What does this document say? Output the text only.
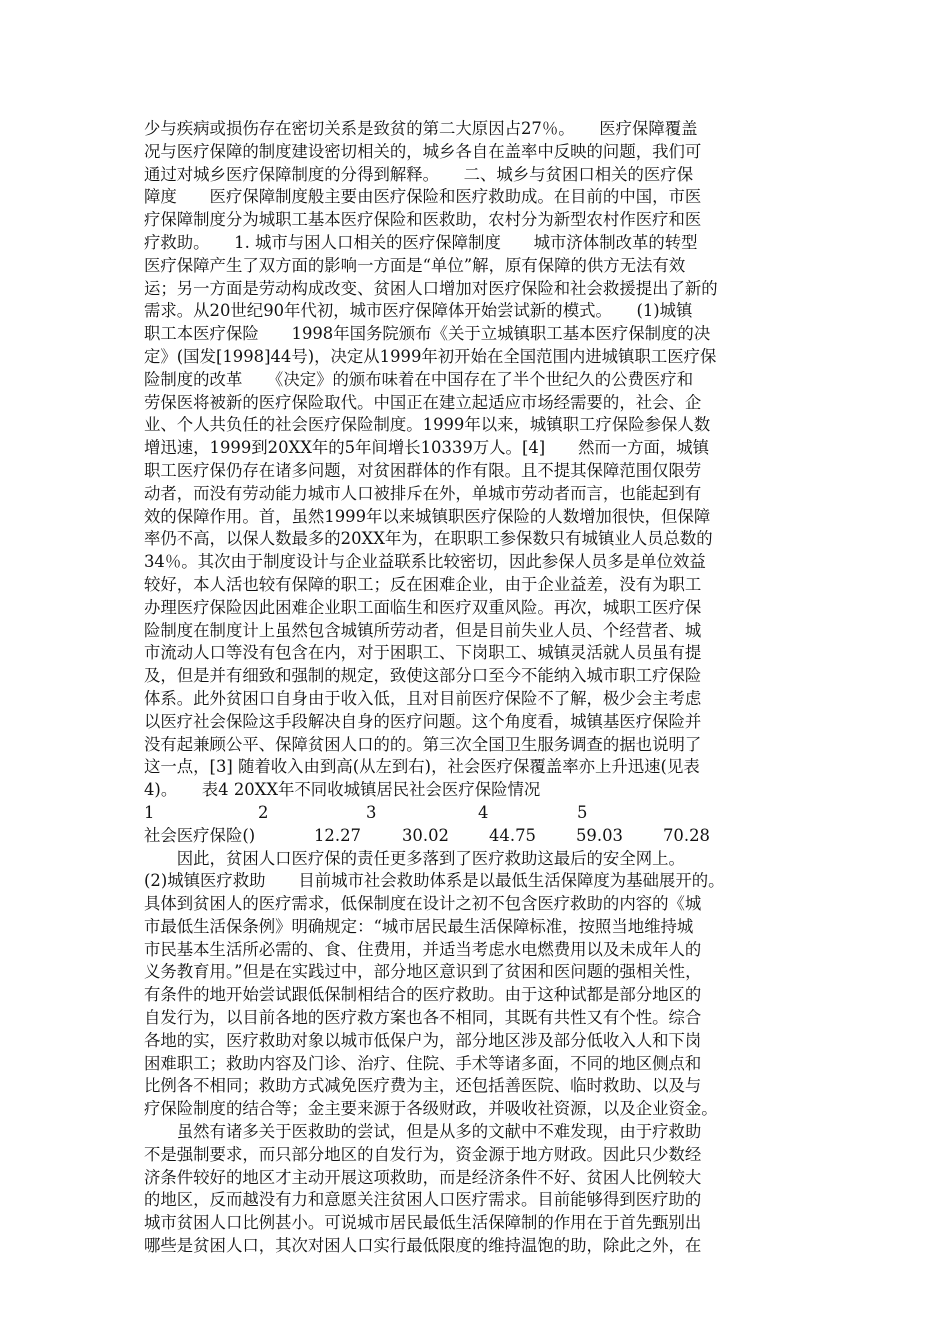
少与疾病或损伤存在密切关系是致贫的第二大原因占27％。　　医疗保障覆盖
况与医疗保障的制度建设密切相关的，城乡各自在盖率中反映的问题，我们可
通过对城乡医疗保障制度的分得到解释。　　二、城乡与贫困口相关的医疗保
障度　　医疗保障制度般主要由医疗保险和医疗救助成。在目前的中国，市医
疗保障制度分为城职工基本医疗保险和医救助，农村分为新型农村作医疗和医
疗救助。　　1. 城市与困人口相关的医疗保障制度　　城市济体制改革的转型
医疗保障产生了双方面的影响一方面是“单位”解，原有保障的供方无法有效
运；另一方面是劳动构成改变、贫困人口增加对医疗保险和社会救援提出了新的
需求。从20世纪90年代初，城市医疗保障体开始尝试新的模式。　　(1)城镇
职工本医疗保险　　1998年国务院颁布《关于立城镇职工基本医疗保制度的决
定》(国发[1998]44号)，决定从1999年初开始在全国范围内进城镇职工医疗保
险制度的改革　　《决定》的颁布味着在中国存在了半个世纪久的公费医疗和
劳保医将被新的医疗保险取代。中国正在建立起适应市场经需要的，社会、企
业、个人共负任的社会医疗保险制度。1999年以来，城镇职工疗保险参保人数
增迅速，1999到20XX年的5年间增长10339万人。[4]　　然而一方面，城镇
职工医疗保仍存在诸多问题，对贫困群体的作有限。且不提其保障范围仅限劳
动者，而没有劳动能力城市人口被排斥在外，单城市劳动者而言，也能起到有
效的保障作用。首，虽然1999年以来城镇职医疗保险的人数增加很快，但保障
率仍不高，以保人数最多的20XX年为，在职职工参保数只有城镇业人员总数的
34％。其次由于制度设计与企业益联系比较密切，因此参保人员多是单位效益
较好，本人活也较有保障的职工；反在困难企业，由于企业益差，没有为职工
办理医疗保险因此困难企业职工面临生和医疗双重风险。再次，城职工医疗保
险制度在制度计上虽然包含城镇所劳动者，但是目前失业人员、个经营者、城
市流动人口等没有包含在内，对于困职工、下岗职工、城镇灵活就人员虽有提
及，但是并有细致和强制的规定，致使这部分口至今不能纳入城市职工疗保险
体系。此外贫困口自身由于收入低，且对目前医疗保险不了解，极少会主考虑
以医疗社会保险这手段解决自身的医疗问题。这个角度看，城镇基医疗保险并
没有起兼顾公平、保障贫困人口的的。第三次全国卫生服务调查的据也说明了
这一点，[3] 随着收入由到高(从左到右)，社会医疗保覆盖率亦上升迅速(见表
4)。　　表4 20XX年不同收城镇居民社会医疗保险情况
1	2	3	4	5
社会医疗保险()	12.27	30.02 44.75 59.03 70.28
　　因此，贫困人口医疗保的责任更多落到了医疗救助这最后的安全网上。
(2)城镇医疗救助　　目前城市社会救助体系是以最低生活保障度为基础展开的。
具体到贫困人的医疗需求，低保制度在设计之初不包含医疗救助的内容的《城
市最低生活保条例》明确规定：“城市居民最生活保障标准，按照当地维持城
市民基本生活所必需的、食、住费用，并适当考虑水电燃费用以及未成年人的
义务教育用。”但是在实践过中，部分地区意识到了贫困和医问题的强相关性，
有条件的地开始尝试跟低保制相结合的医疗救助。由于这种试都是部分地区的
自发行为，以目前各地的医疗救方案也各不相同，其既有共性又有个性。综合
各地的实，医疗救助对象以城市低保户为，部分地区涉及部分低收入人和下岗
困难职工；救助内容及门诊、治疗、住院、手术等诸多面，不同的地区侧点和
比例各不相同；救助方式减免医疗费为主，还包括善医院、临时救助、以及与
疗保险制度的结合等；金主要来源于各级财政，并吸收社资源，以及企业资金。
　　虽然有诸多关于医救助的尝试，但是从多的文献中不难发现，由于疗救助
不是强制要求，而只部分地区的自发行为，资金源于地方财政。因此只少数经
济条件较好的地区才主动开展这项救助，而是经济条件不好、贫困人比例较大
的地区，反而越没有力和意愿关注贫困人口医疗需求。目前能够得到医疗助的
城市贫困人口比例甚小。可说城市居民最低生活保障制的作用在于首先甄别出
哪些是贫困人口，其次对困人口实行最低限度的维持温饱的助，除此之外，在
